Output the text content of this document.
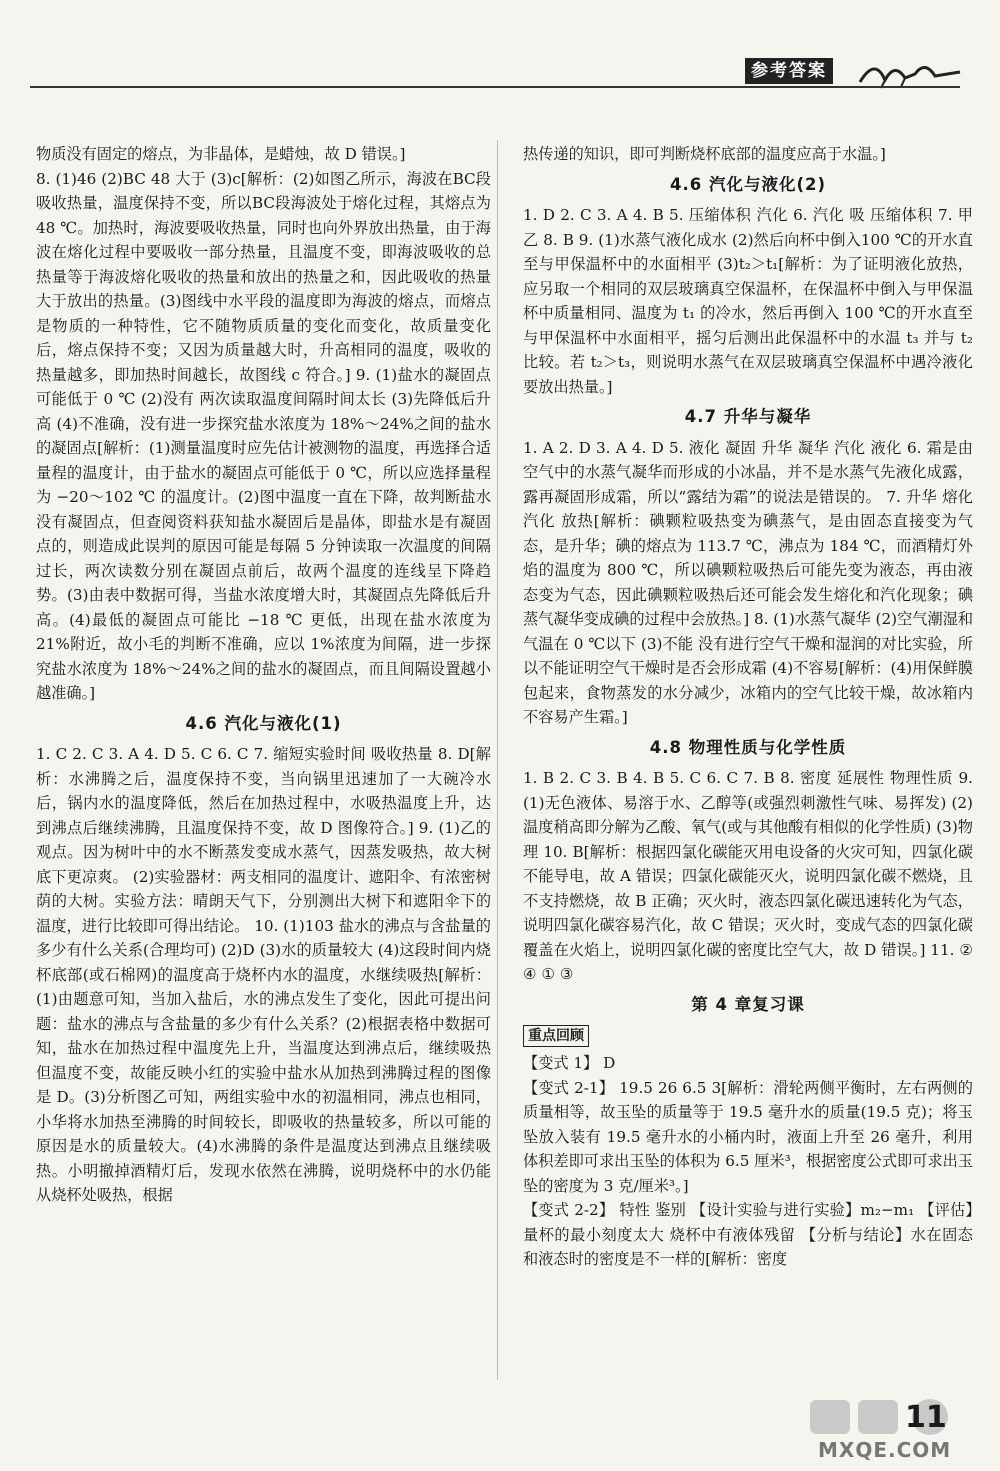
参考答案

物质没有固定的熔点，为非晶体，是蜡烛，故 D 错误。]

8. (1)46 (2)BC 48 大于 (3)c[解析：(2)如图乙所示，海波在BC段吸收热量，温度保持不变，所以BC段海波处于熔化过程，其熔点为 48 ℃。加热时，海波要吸收热量，同时也向外界放出热量，由于海波在熔化过程中要吸收一部分热量，且温度不变，即海波吸收的总热量等于海波熔化吸收的热量和放出的热量之和，因此吸收的热量大于放出的热量。(3)图线中水平段的温度即为海波的熔点，而熔点是物质的一种特性，它不随物质质量的变化而变化，故质量变化后，熔点保持不变；又因为质量越大时，升高相同的温度，吸收的热量越多，即加热时间越长，故图线 c 符合。] 9. (1)盐水的凝固点可能低于 0 ℃ (2)没有 两次读取温度间隔时间太长 (3)先降低后升高 (4)不准确，没有进一步探究盐水浓度为 18%～24%之间的盐水的凝固点[解析：(1)测量温度时应先估计被测物的温度，再选择合适量程的温度计，由于盐水的凝固点可能低于 0 ℃，所以应选择量程为 −20～102 ℃ 的温度计。(2)图中温度一直在下降，故判断盐水没有凝固点，但查阅资料获知盐水凝固后是晶体，即盐水是有凝固点的，则造成此误判的原因可能是每隔 5 分钟读取一次温度的间隔过长，两次读数分别在凝固点前后，故两个温度的连线呈下降趋势。(3)由表中数据可得，当盐水浓度增大时，其凝固点先降低后升高。(4)最低的凝固点可能比 −18 ℃ 更低，出现在盐水浓度为 21%附近，故小毛的判断不准确，应以 1%浓度为间隔，进一步探究盐水浓度为 18%～24%之间的盐水的凝固点，而且间隔设置越小越准确。]

4.6 汽化与液化(1)

1. C 2. C 3. A 4. D 5. C 6. C 7. 缩短实验时间 吸收热量 8. D[解析：水沸腾之后，温度保持不变，当向锅里迅速加了一大碗冷水后，锅内水的温度降低，然后在加热过程中，水吸热温度上升，达到沸点后继续沸腾，且温度保持不变，故 D 图像符合。] 9. (1)乙的观点。因为树叶中的水不断蒸发变成水蒸气，因蒸发吸热，故大树底下更凉爽。 (2)实验器材：两支相同的温度计、遮阳伞、有浓密树荫的大树。实验方法：晴朗天气下，分别测出大树下和遮阳伞下的温度，进行比较即可得出结论。 10. (1)103 盐水的沸点与含盐量的多少有什么关系(合理均可) (2)D (3)水的质量较大 (4)这段时间内烧杯底部(或石棉网)的温度高于烧杯内水的温度，水继续吸热[解析：(1)由题意可知，当加入盐后，水的沸点发生了变化，因此可提出问题：盐水的沸点与含盐量的多少有什么关系？(2)根据表格中数据可知，盐水在加热过程中温度先上升，当温度达到沸点后，继续吸热但温度不变，故能反映小红的实验中盐水从加热到沸腾过程的图像是 D。(3)分析图乙可知，两组实验中水的初温相同，沸点也相同，小华将水加热至沸腾的时间较长，即吸收的热量较多，所以可能的原因是水的质量较大。(4)水沸腾的条件是温度达到沸点且继续吸热。小明撤掉酒精灯后，发现水依然在沸腾，说明烧杯中的水仍能从烧杯处吸热，根据

热传递的知识，即可判断烧杯底部的温度应高于水温。]

4.6 汽化与液化(2)

1. D 2. C 3. A 4. B 5. 压缩体积 汽化 6. 汽化 吸 压缩体积 7. 甲 乙 8. B 9. (1)水蒸气液化成水 (2)然后向杯中倒入100 ℃的开水直至与甲保温杯中的水面相平 (3)t₂＞t₁[解析：为了证明液化放热，应另取一个相同的双层玻璃真空保温杯，在保温杯中倒入与甲保温杯中质量相同、温度为 t₁ 的冷水，然后再倒入 100 ℃的开水直至与甲保温杯中水面相平，摇匀后测出此保温杯中的水温 t₃ 并与 t₂ 比较。若 t₂＞t₃，则说明水蒸气在双层玻璃真空保温杯中遇冷液化要放出热量。]

4.7 升华与凝华

1. A 2. D 3. A 4. D 5. 液化 凝固 升华 凝华 汽化 液化 6. 霜是由空气中的水蒸气凝华而形成的小冰晶，并不是水蒸气先液化成露，露再凝固形成霜，所以“露结为霜”的说法是错误的。 7. 升华 熔化 汽化 放热[解析：碘颗粒吸热变为碘蒸气，是由固态直接变为气态，是升华；碘的熔点为 113.7 ℃，沸点为 184 ℃，而酒精灯外焰的温度为 800 ℃，所以碘颗粒吸热后可能先变为液态，再由液态变为气态，因此碘颗粒吸热后还可能会发生熔化和汽化现象；碘蒸气凝华变成碘的过程中会放热。] 8. (1)水蒸气凝华 (2)空气潮湿和气温在 0 ℃以下 (3)不能 没有进行空气干燥和湿润的对比实验，所以不能证明空气干燥时是否会形成霜 (4)不容易[解析：(4)用保鲜膜包起来，食物蒸发的水分减少，冰箱内的空气比较干燥，故冰箱内不容易产生霜。]

4.8 物理性质与化学性质

1. B 2. C 3. B 4. B 5. C 6. C 7. B 8. 密度 延展性 物理性质 9. (1)无色液体、易溶于水、乙醇等(或强烈刺激性气味、易挥发) (2)温度稍高即分解为乙酸、氧气(或与其他酸有相似的化学性质) (3)物理 10. B[解析：根据四氯化碳能灭用电设备的火灾可知，四氯化碳不能导电，故 A 错误；四氯化碳能灭火，说明四氯化碳不燃烧，且不支持燃烧，故 B 正确；灭火时，液态四氯化碳迅速转化为气态，说明四氯化碳容易汽化，故 C 错误；灭火时，变成气态的四氯化碳覆盖在火焰上，说明四氯化碳的密度比空气大，故 D 错误。] 11. ② ④ ① ③

第 4 章复习课
重点回顾

【变式 1】 D

【变式 2-1】 19.5 26 6.5 3[解析：滑轮两侧平衡时，左右两侧的质量相等，故玉坠的质量等于 19.5 毫升水的质量(19.5 克)；将玉坠放入装有 19.5 毫升水的小桶内时，液面上升至 26 毫升，利用体积差即可求出玉坠的体积为 6.5 厘米³，根据密度公式即可求出玉坠的密度为 3 克/厘米³。]

【变式 2-2】 特性 鉴别 【设计实验与进行实验】m₂−m₁ 【评估】量杯的最小刻度太大 烧杯中有液体残留 【分析与结论】水在固态和液态时的密度是不一样的[解析：密度

11
MXQE.COM
